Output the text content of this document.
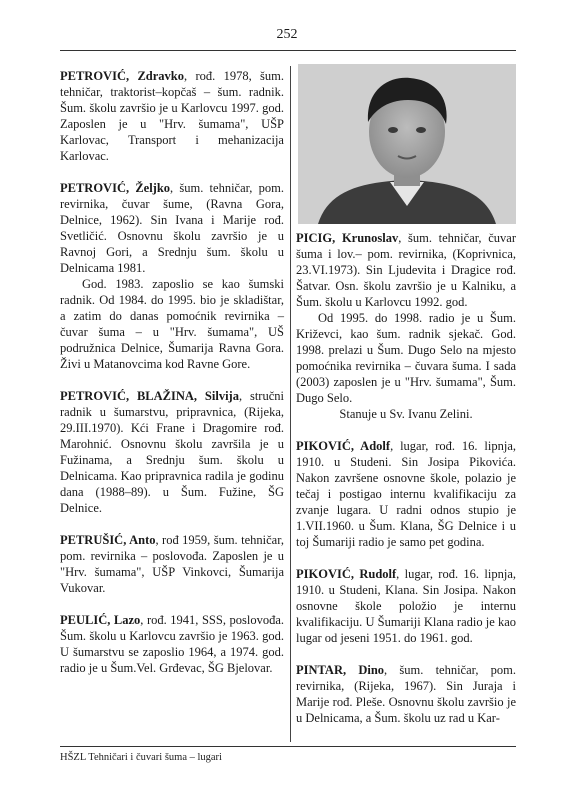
252

PETROVIĆ, Zdravko, rođ. 1978, šum. tehničar, traktorist–kopčaš – šum. radnik. Šum. školu završio je u Karlovcu 1997. god. Zaposlen je u "Hrv. šumama", UŠP Karlovac, Transport i mehanizacija Karlovac.

PETROVIĆ, Željko, šum. tehničar, pom. revirnika, čuvar šume, (Ravna Gora, Delnice, 1962). Sin Ivana i Marije rođ. Svetličić. Osnovnu školu završio je u Ravnoj Gori, a Srednju šum. školu u Delnicama 1981.

God. 1983. zaposlio se kao šumski radnik. Od 1984. do 1995. bio je skladištar, a zatim do danas pomoćnik revirnika – čuvar šuma – u "Hrv. šumama", UŠ podružnica Delnice, Šumarija Ravna Gora. Živi u Matanovcima kod Ravne Gore.

PETROVIĆ, BLAŽINA, Silvija, stručni radnik u šumarstvu, pripravnica, (Rijeka, 29.III.1970). Kći Frane i Dragomire rođ. Marohnić. Osnovnu školu završila je u Fužinama, a Srednju šum. školu u Delnicama. Kao pripravnica radila je godinu dana (1988–89). u Šum. Fužine, ŠG Delnice.

PETRUŠIĆ, Anto, rođ 1959, šum. tehničar, pom. revirnika – poslovođa. Zaposlen je u "Hrv. šumama", UŠP Vinkovci, Šumarija Vukovar.

PEULIĆ, Lazo, rođ. 1941, SSS, poslovođa. Šum. školu u Karlovcu završio je 1963. god. U šumarstvu se zaposlio 1964, a 1974. god. radio je u Šum.Vel. Grđevac, ŠG Bjelovar.

PICIG, Krunoslav, šum. tehničar, čuvar šuma i lov.– pom. revirnika, (Koprivnica, 23.VI.1973). Sin Ljudevita i Dragice rođ. Šatvar. Osn. školu završio je u Kalniku, a Šum. školu u Karlovcu 1992. god.

Od 1995. do 1998. radio je u Šum. Križevci, kao šum. radnik sjekač. God. 1998. prelazi u Šum. Dugo Selo na mjesto pomoćnika revirnika – čuvara šuma. I sada (2003) zaposlen je u "Hrv. šumama", Šum. Dugo Selo.

Stanuje u Sv. Ivanu Zelini.

PIKOVIĆ, Adolf, lugar, rođ. 16. lipnja, 1910. u Studeni. Sin Josipa Pikovića. Nakon završene osnovne škole, polazio je tečaj i postigao internu kvalifikaciju za zvanje lugara. U radni odnos stupio je 1.VII.1960. u Šum. Klana, ŠG Delnice i u toj Šumariji radio je samo pet godina.

PIKOVIĆ, Rudolf, lugar, rođ. 16. lipnja, 1910. u Studeni, Klana. Sin Josipa. Nakon osnovne škole položio je internu kvalifikaciju. U Šumariji Klana radio je kao lugar od jeseni 1951. do 1961. god.

PINTAR, Dino, šum. tehničar, pom. revirnika, (Rijeka, 1967). Sin Juraja i Marije rođ. Pleše. Osnovnu školu završio je u Delnicama, a Šum. školu uz rad u Kar-

HŠZL Tehničari i čuvari šuma – lugari
